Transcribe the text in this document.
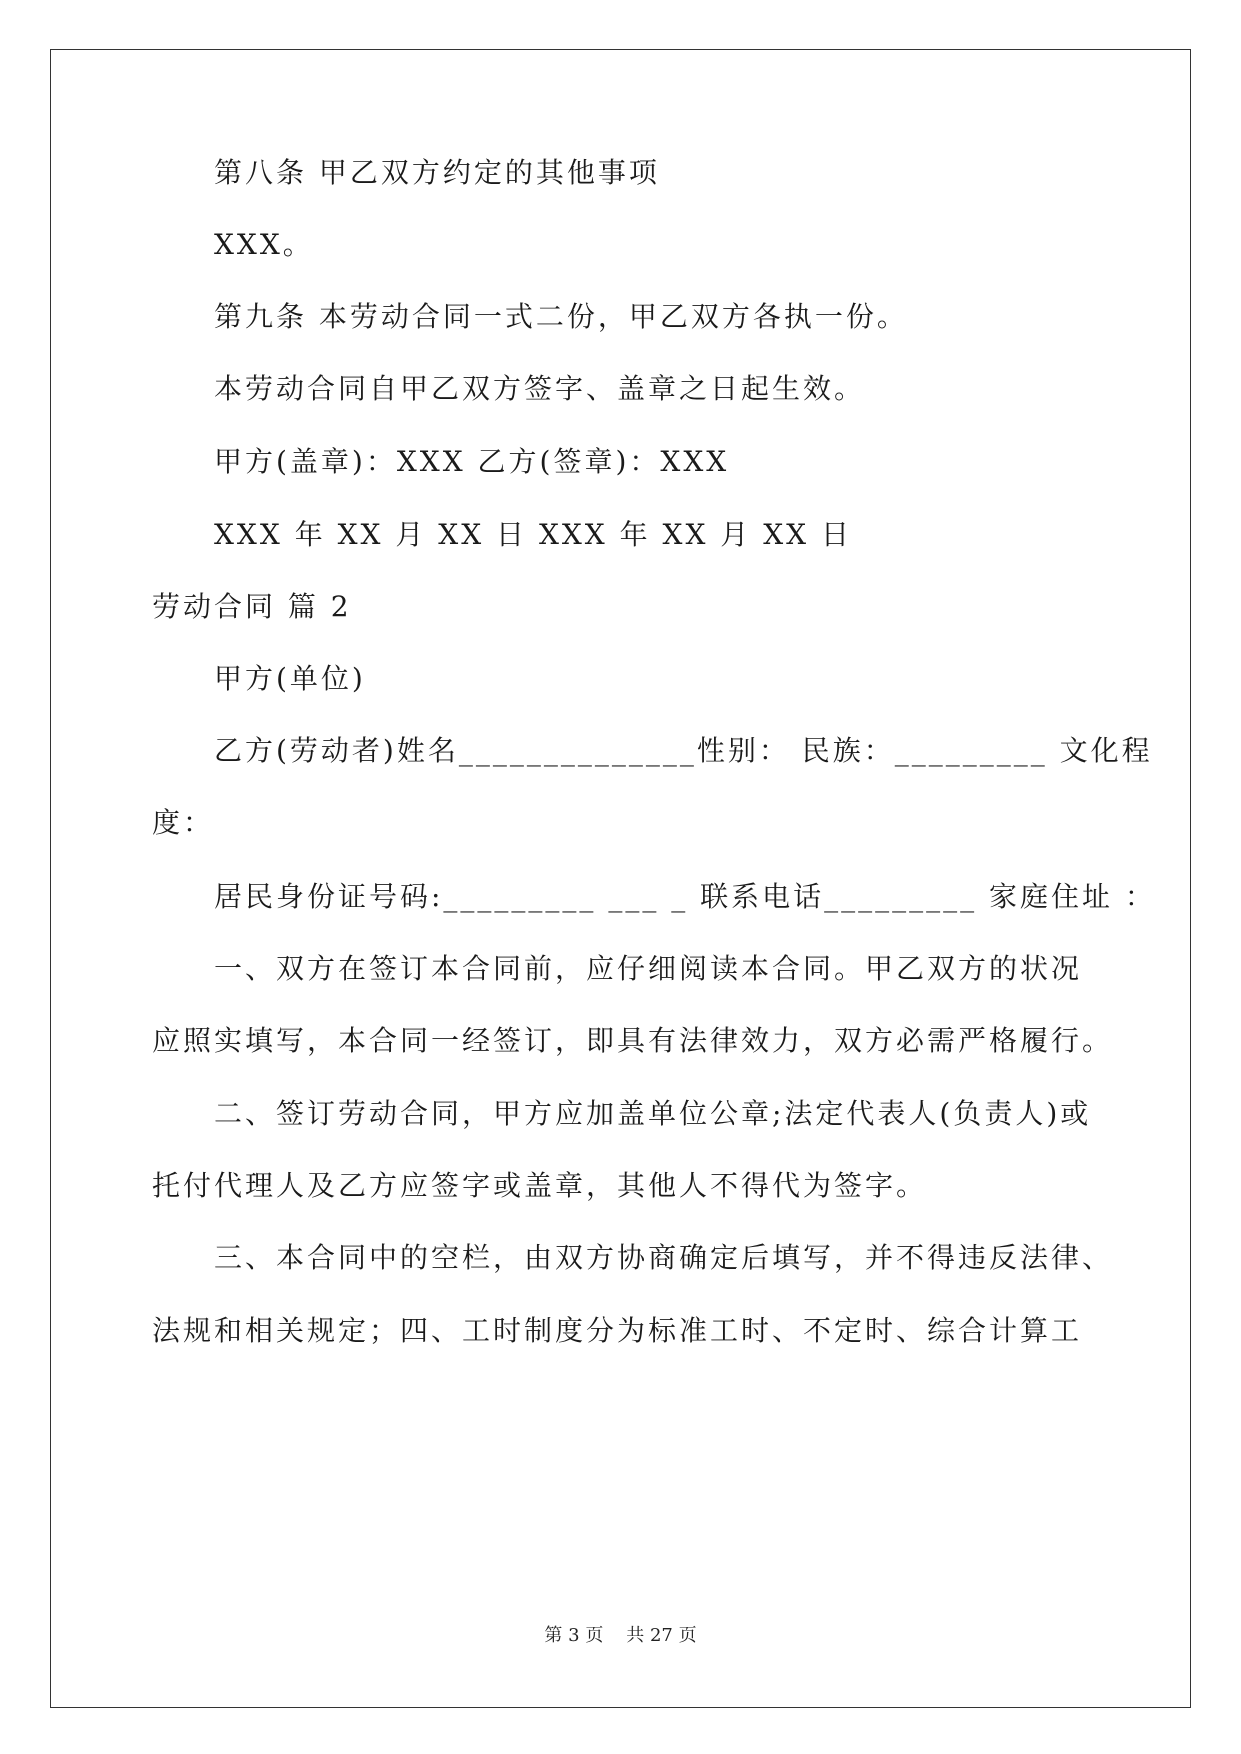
第八条 甲乙双方约定的其他事项
XXX。
第九条 本劳动合同一式二份，甲乙双方各执一份。
本劳动合同自甲乙双方签字、盖章之日起生效。
甲方(盖章)：XXX 乙方(签章)：XXX
XXX 年 XX 月 XX 日 XXX 年 XX 月 XX 日
劳动合同 篇 2
甲方(单位)
乙方(劳动者)姓名______________性别： 民族：_________ 文化程
度：
居民身份证号码:_________ ___ _ 联系电话_________ 家庭住址 ：
一、双方在签订本合同前，应仔细阅读本合同。甲乙双方的状况
应照实填写，本合同一经签订，即具有法律效力，双方必需严格履行。
二、签订劳动合同，甲方应加盖单位公章;法定代表人(负责人)或
托付代理人及乙方应签字或盖章，其他人不得代为签字。
三、本合同中的空栏，由双方协商确定后填写，并不得违反法律、
法规和相关规定；四、工时制度分为标准工时、不定时、综合计算工
第 3 页 共 27 页
